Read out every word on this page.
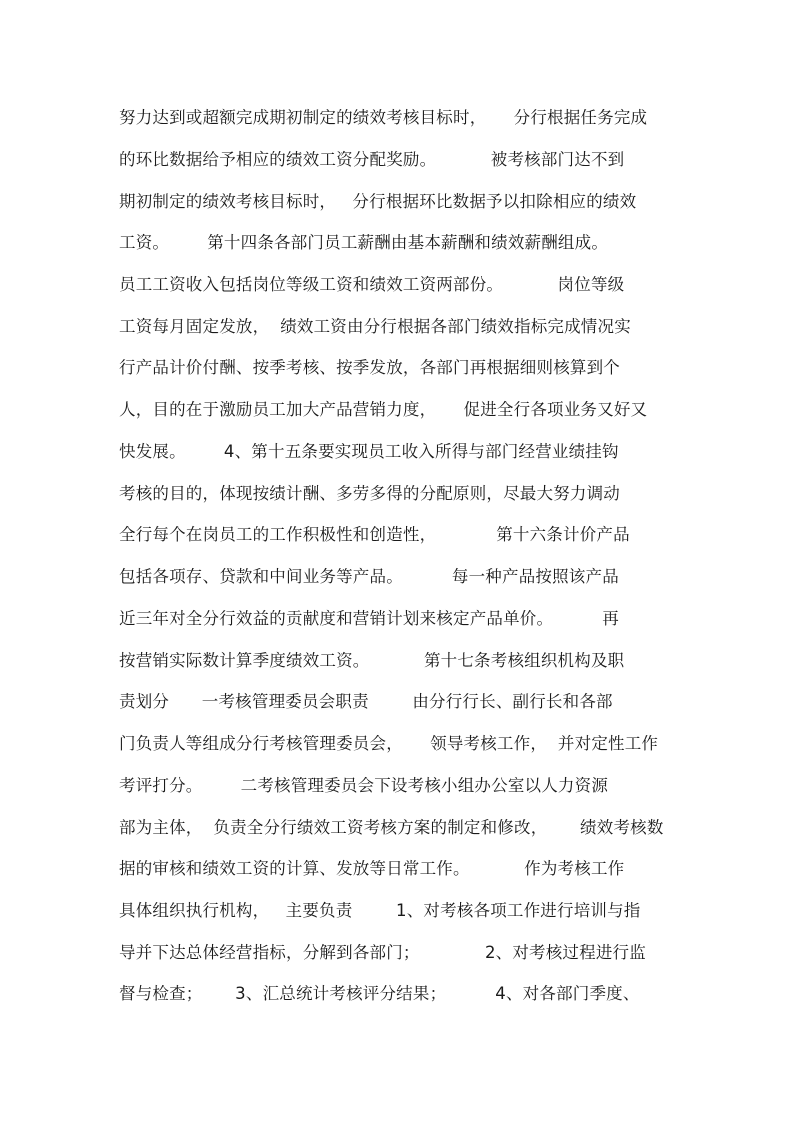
努力达到或超额完成期初制定的绩效考核目标时，     分行根据任务完成
的环比数据给予相应的绩效工资分配奖励。          被考核部门达不到
期初制定的绩效考核目标时，   分行根据环比数据予以扣除相应的绩效
工资。       第十四条各部门员工薪酬由基本薪酬和绩效薪酬组成。
员工工资收入包括岗位等级工资和绩效工资两部份。          岗位等级
工资每月固定发放，  绩效工资由分行根据各部门绩效指标完成情况实
行产品计价付酬、按季考核、按季发放，各部门再根据细则核算到个
人，目的在于激励员工加大产品营销力度，     促进全行各项业务又好又
快发展。       4、第十五条要实现员工收入所得与部门经营业绩挂钩
考核的目的，体现按绩计酬、多劳多得的分配原则，尽最大努力调动
全行每个在岗员工的工作积极性和创造性，           第十六条计价产品
包括各项存、贷款和中间业务等产品。         每一种产品按照该产品
近三年对全分行效益的贡献度和营销计划来核定产品单价。         再
按营销实际数计算季度绩效工资。          第十七条考核组织机构及职
责划分      一考核管理委员会职责        由分行行长、副行长和各部
门负责人等组成分行考核管理委员会，     领导考核工作，  并对定性工作
考评打分。       二考核管理委员会下设考核小组办公室以人力资源
部为主体，  负责全分行绩效工资考核方案的制定和修改，      绩效考核数
据的审核和绩效工资的计算、发放等日常工作。          作为考核工作
具体组织执行机构，   主要负责        1、对考核各项工作进行培训与指
导并下达总体经营指标，分解到各部门；            2、对考核过程进行监
督与检查；      3、汇总统计考核评分结果；         4、对各部门季度、
